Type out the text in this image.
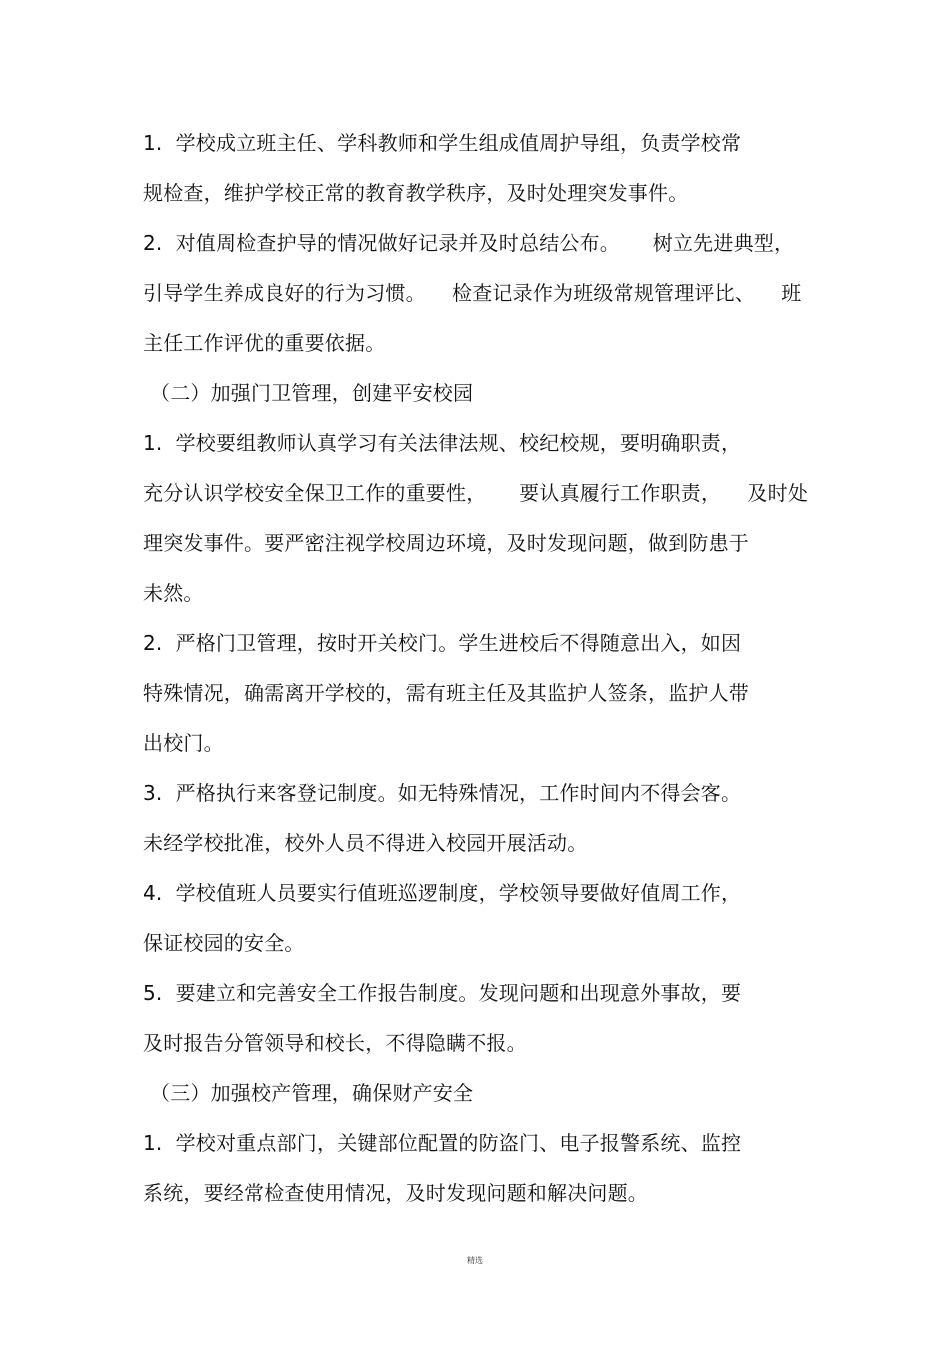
1.  学校成立班主任、学科教师和学生组成值周护导组，负责学校常
规检查，维护学校正常的教育教学秩序，及时处理突发事件。
2.  对值周检查护导的情况做好记录并及时总结公布。     树立先进典型，
引导学生养成良好的行为习惯。    检查记录作为班级常规管理评比、    班
主任工作评优的重要依据。
（二）加强门卫管理，创建平安校园
1.  学校要组教师认真学习有关法律法规、校纪校规，要明确职责，
充分认识学校安全保卫工作的重要性，     要认真履行工作职责，    及时处
理突发事件。要严密注视学校周边环境，及时发现问题，做到防患于
未然。
2.  严格门卫管理，按时开关校门。学生进校后不得随意出入，如因
特殊情况，确需离开学校的，需有班主任及其监护人签条，监护人带
出校门。
3.  严格执行来客登记制度。如无特殊情况，工作时间内不得会客。
未经学校批准，校外人员不得进入校园开展活动。
4.  学校值班人员要实行值班巡逻制度，学校领导要做好值周工作，
保证校园的安全。
5.  要建立和完善安全工作报告制度。发现问题和出现意外事故，要
及时报告分管领导和校长，不得隐瞒不报。
（三）加强校产管理，确保财产安全
1.  学校对重点部门，关键部位配置的防盗门、电子报警系统、监控
系统，要经常检查使用情况，及时发现问题和解决问题。
精选
